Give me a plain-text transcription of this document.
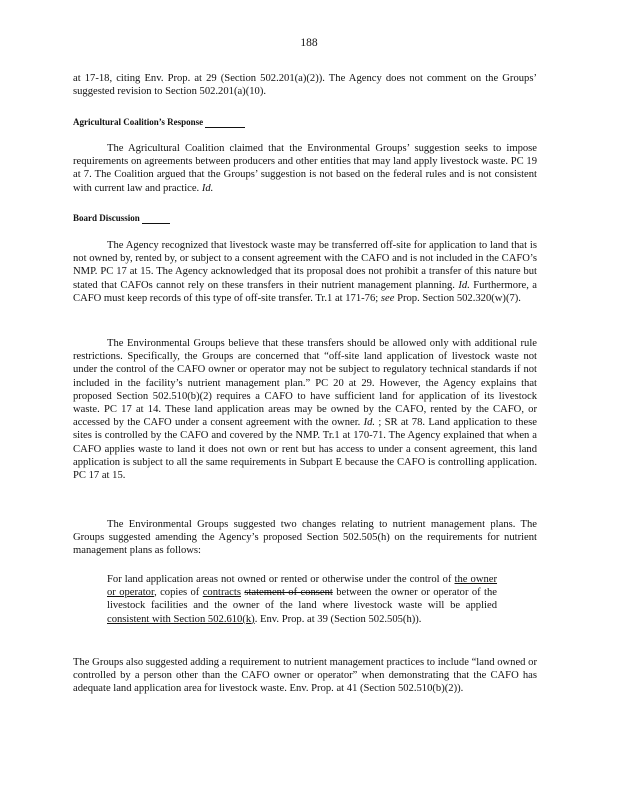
188
at 17-18, citing Env. Prop. at 29 (Section 502.201(a)(2)). The Agency does not comment on the Groups’ suggested revision to Section 502.201(a)(10).
Agricultural Coalition’s Response
The Agricultural Coalition claimed that the Environmental Groups’ suggestion seeks to impose requirements on agreements between producers and other entities that may land apply livestock waste. PC 19 at 7. The Coalition argued that the Groups’ suggestion is not based on the federal rules and is not consistent with current law and practice. Id.
Board Discussion
The Agency recognized that livestock waste may be transferred off-site for application to land that is not owned by, rented by, or subject to a consent agreement with the CAFO and is not included in the CAFO’s NMP. PC 17 at 15. The Agency acknowledged that its proposal does not prohibit a transfer of this nature but stated that CAFOs cannot rely on these transfers in their nutrient management planning. Id. Furthermore, a CAFO must keep records of this type of off-site transfer. Tr.1 at 171-76; see Prop. Section 502.320(w)(7).
The Environmental Groups believe that these transfers should be allowed only with additional rule restrictions. Specifically, the Groups are concerned that “off-site land application of livestock waste not under the control of the CAFO owner or operator may not be subject to regulatory technical standards if not included in the facility’s nutrient management plan.” PC 20 at 29. However, the Agency explains that proposed Section 502.510(b)(2) requires a CAFO to have sufficient land for application of its livestock waste. PC 17 at 14. These land application areas may be owned by the CAFO, rented by the CAFO, or accessed by the CAFO under a consent agreement with the owner. Id. ; SR at 78. Land application to these sites is controlled by the CAFO and covered by the NMP. Tr.1 at 170-71. The Agency explained that when a CAFO applies waste to land it does not own or rent but has access to under a consent agreement, this land application is subject to all the same requirements in Subpart E because the CAFO is controlling application. PC 17 at 15.
The Environmental Groups suggested two changes relating to nutrient management plans. The Groups suggested amending the Agency’s proposed Section 502.505(h) on the requirements for nutrient management plans as follows:
For land application areas not owned or rented or otherwise under the control of the owner or operator, copies of contracts statement of consent between the owner or operator of the livestock facilities and the owner of the land where livestock waste will be applied consistent with Section 502.610(k). Env. Prop. at 39 (Section 502.505(h)).
The Groups also suggested adding a requirement to nutrient management practices to include “land owned or controlled by a person other than the CAFO owner or operator” when demonstrating that the CAFO has adequate land application area for livestock waste. Env. Prop. at 41 (Section 502.510(b)(2)).
